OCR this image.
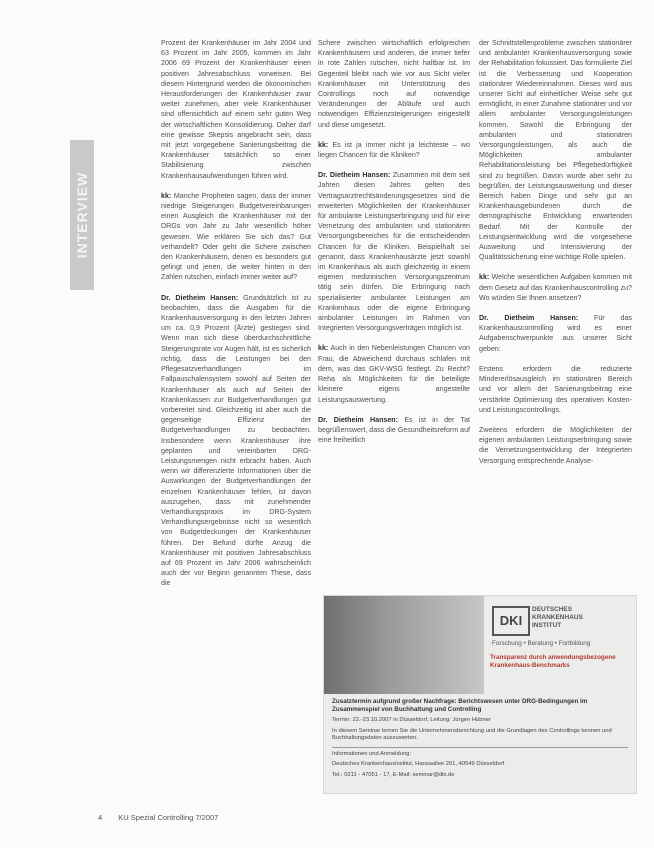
INTERVIEW

Prozent der Krankenhäuser im Jahr 2004 und 63 Prozent im Jahr 2005, kommen im Jahr 2006 69 Prozent der Krankenhäuser einen positiven Jahresabschluss vorweisen. Bei diesem Hintergrund werden die ökonomischen Herausforderungen der Krankenhäuser zwar weiter zunehmen, aber viele Krankenhäuser sind offensichtlich auf einem sehr guten Weg der wirtschaftlichen Konsolidierung. Daher darf eine gewisse Skepsis angebracht sein, dass mit jetzt vorgegebene Sanierungsbeitrag die Krankenhäuser tatsächlich so einer Stabilisierung zwischen Krankenhausaufwendungen führen wird.

kk: Manche Propheten sagen, dass der immer niedrige Steigerungen Budgetvereinbarungen einen Ausgleich die Krankenhäuser mit der DRGs von Jahr zu Jahr wesentlich höher gewesen. Wie erklären Sie sich das? Gut verhandelt? Oder geht die Schere zwischen den Krankenhäusern, denen es besonders gut gelingt und jenen, die weiter hinten in den Zahlen rutschen, einfach immer weiter auf?

Dr. Dietheim Hansen: Grundsätzlich ist zu beobachten, dass die Ausgaben für die Krankenhausversorgung in den letzten Jahren um ca. 0,9 Prozent (Ärzte) gestiegen sind. Wenn man sich diese überdurchschnittliche Steigerungsrate vor Augen hält, ist es sicherlich richtig, dass die Leistungen bei den Pflegesatzverhandlungen im Fallpauschalensystem sowohl auf Seiten der Krankenhäuser als auch auf Seiten der Krankenkassen zur Budgetverhandlungen gut vorbereitet sind. Gleichzeitig ist aber auch die gegenseitige Effizienz der Budgetverhandlungen zu beobachten. Insbesondere wenn Krankenhäuser ihre geplanten und vereinbarten DRG-Leistungsmengen nicht erbracht haben. Auch wenn wir differenzierte Informationen über die Auswirkungen der Budgetverhandlungen der einzelnen Krankenhäuser fehlen, ist davon auszugehen, dass mit zunehmender Verhandlungspraxis im DRG-System Verhandlungsergebnisse nicht so wesentlich von Budgetdeckungen der Krankenhäuser führen. Der Befund dürfte Anzug die Krankenhäuser mit positiven Jahresabschluss auf 69 Prozent im Jahr 2006 wahrscheinlich auch der vor Beginn genannten These, dass die

Schere zwischen wirtschaftlich erfolgreichen Krankenhäusern und anderen, die immer tiefer in rote Zahlen rutschen, nicht haltbar ist. Im Gegenteil bleibt nach wie vor aus Sicht vieler Krankenhäuser mit Unterstützung des Controllings noch auf notwendige Veränderungen der Abläufe und auch notwendigen Effizienzsteigerungen eingestellt und diese umgesetzt.

kk: Es ist ja immer nicht ja leichteste – wo liegen Chancen für die Kliniken?

Dr. Dietheim Hansen: Zusammen mit dem seit Jahren diesen Jahres gelten des Vertragsarztrechtsänderungsgesetzes sind die erweiterten Möglichkeiten der Krankenhäuser für ambulante Leistungserbringung und für eine Vernetzung des ambulanten und stationären Versorgungsbereiches für die entscheidenden Chancen für die Kliniken. Beispielhaft sei genannt, dass Krankenhausärzte jetzt sowohl im Krankenhaus als auch gleichzeitig in einem eigenen medizinischen Versorgungszentrum tätig sein dürfen. Die Erbringung nach spezialisierter ambulanter Leistungen am Krankenhaus oder die eigene Erbringung ambulanter Leistungen im Rahmen von Integrierten Versorgungsverträgen möglich ist.

kk: Auch in den Nebenleistungen Chancen von Frau, die Abweichend durchaus schlafen mit dem, was das GKV-WSG festlegt. Zu Recht? Reha als Möglichkeiten für die beteiligte kleinere eigens angestellte Leistungsauswertung.

Dr. Dietheim Hansen: Es ist in der Tat begrüßenswert, dass die Gesundheitsreform auf eine freiheitlich

der Schnittstellenprobleme zwischen stationärer und ambulanter Krankenhausversorgung sowie der Rehabilitation fokussiert. Das formulierte Ziel ist die Verbesserung und Kooperation stationärer Wiedereinnahmen. Dieses wird aus unserer Sicht auf einheitlicher Weise sehr gut ermöglicht, in einer Zunahme stationärer und vor allem ambulanter Versorgungsleistungen kommen. Sowohl die Erbringung der ambulanten und stationären Versorgungsleistungen, als auch die Möglichkeiten ambulanter Rehabilitationsleistung bei Pflegebedürftigkeit sind zu begrüßen. Davon wurde aber sehr zu begrüßen, der Leistungsausweitung und dieser Bereich haben Dinge und sehr gut an Krankenhausgebundenen durch die demographische Entwicklung erwartenden Bedarf. Mit der Kontrolle der Leistungsentwicklung wird die vorgesehene Ausweitung und Intensivierung der Qualitätssicherung eine wichtige Rolle spielen.

kk: Welche wesentlichen Aufgaben kommen mit dem Gesetz auf das Krankenhauscontrolling zu? Wo würden Sie Ihnen ansetzen?

Dr. Dietheim Hansen: Für das Krankenhauscontrolling wird es einer Aufgabenschwerpunkte aus unserer Sicht geben:

Erstens erfordern die reduzierte Mindererlösausgleich im stationären Bereich und vor allem der Sanierungsbeitrag eine verstärkte Optimierung des operativen Kosten- und Leistungscontrollings.

Zweitens erfordern die Möglichkeiten der eigenen ambulanten Leistungserbringung sowie die Vernetzungsentwicklung der Integrierten Versorgung entsprechende Analyse-

DKI
DEUTSCHES
KRANKENHAUS
INSTITUT
Forschung • Beratung • Fortbildung
Transparenz durch anwendungsbezogene Krankenhaus-Benchmarks
Zusatztermin aufgrund großer Nachfrage: Berichtswesen unter DRG-Bedingungen im Zusammenspiel von Buchhaltung und Controlling
Termin: 22.-23.10.2007 in Düsseldorf, Leitung: Jürgen Hübner
In diesem Seminar lernen Sie die Unternehmensberichtung und die Grundlagen des Controllings kennen und Buchhaltungsdaten auszuwerten.
Informationen und Anmeldung:
Deutsches Krankenhausinstitut, Hansaallee 201, 40549 Düsseldorf
Tel.: 0211 - 47051 - 17, E-Mail: seminar@dki.de
4 KU Spezial Controlling 7/2007
